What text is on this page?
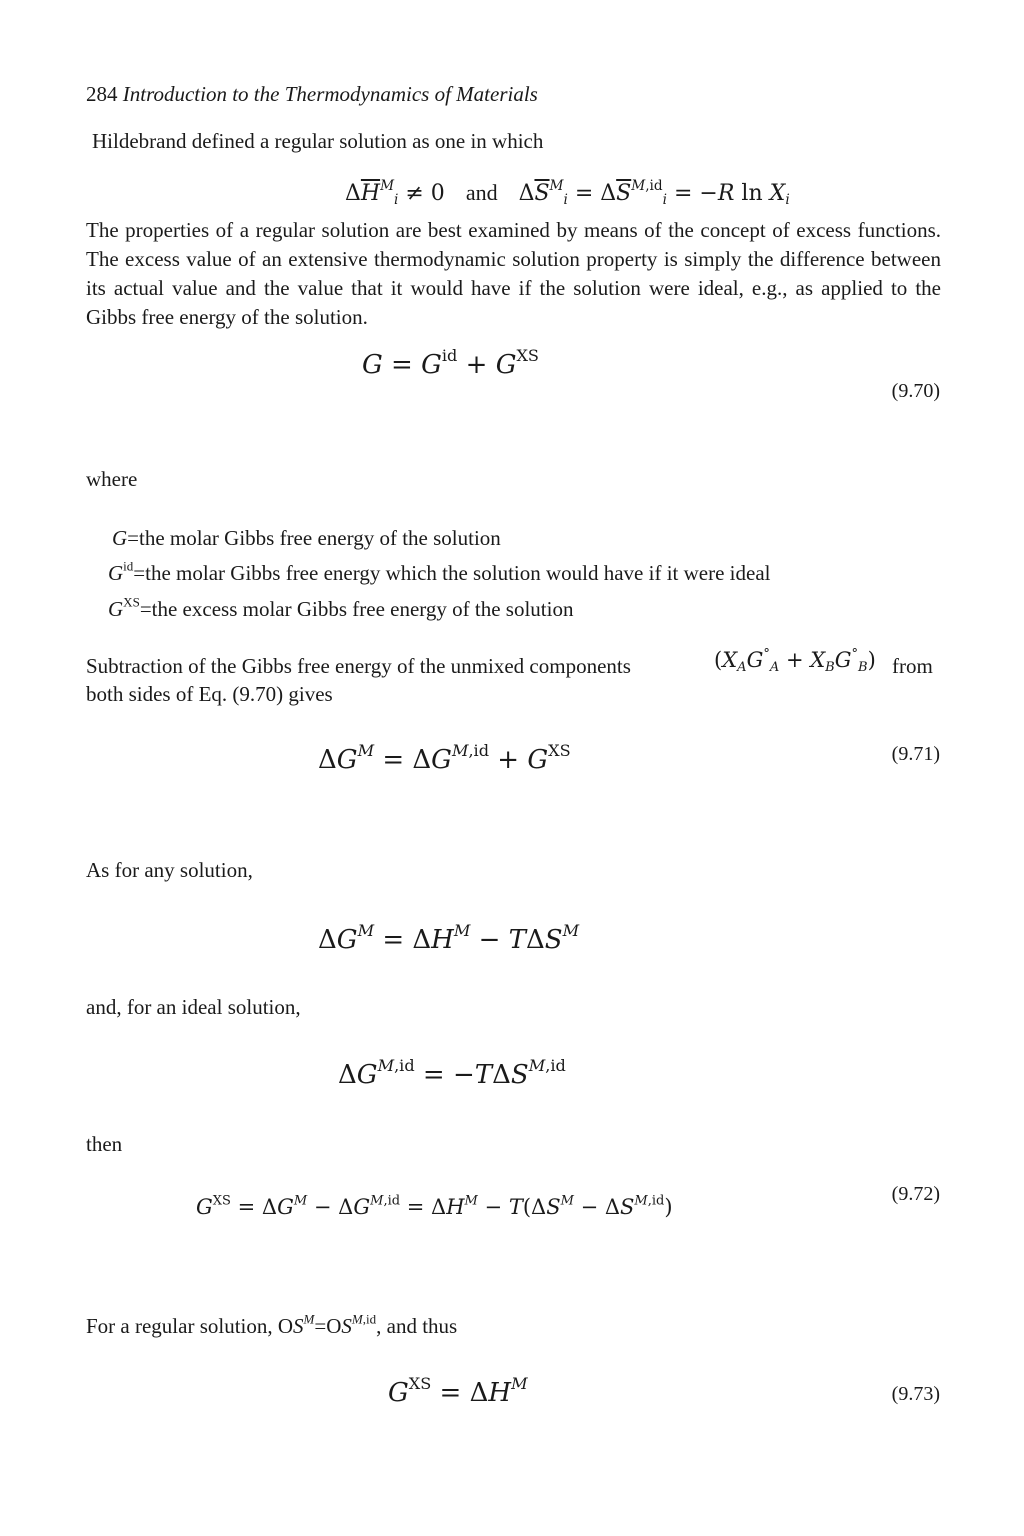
284 Introduction to the Thermodynamics of Materials
Hildebrand defined a regular solution as one in which
$\Delta\overline{H}^M_i \ne 0$ and $\Delta\overline{S}^M_i = \Delta\overline{S}^{M,id}_i = -R$ $\ln X_i$
The properties of a regular solution are best examined by means of the concept of excess functions. The excess value of an extensive thermodynamic solution property is simply the difference between its actual value and the value that it would have if the solution were ideal, e.g., as applied to the Gibbs free energy of the solution.
$G = G^{id} + G^{XS}$
(9.70)
where
G=the molar Gibbs free energy of the solution
$G^{id}=the$ molar Gibbs free energy which the solution would have if it were ideal
$G^{XS}=the$ excess molar Gibbs free energy of the solution
Subtraction of the Gibbs free energy of the unmixed components	$(X_AG^\circ_A + X_BG^\circ_B)$ from
both sides of Eq. (9.70) gives
$\Delta G^M = \Delta G^{M,id} + G^{XS}$	(9.71)
As for any solution,
$\Delta G^M = \Delta H^M - T\Delta S^M$
and, for an ideal solution,
$\Delta G^{M,id} = -T\Delta S^{M,id}$
then
$G^{XS} = \Delta G^M - \Delta G^{M,id} = \Delta H^M - T(\Delta S^M - \Delta S^{M,id})$
(9.72)
For a regular solution, $OS^M=OS^{M,id}$, and thus
$G^{XS} = \Delta H^M$	(9.73)
